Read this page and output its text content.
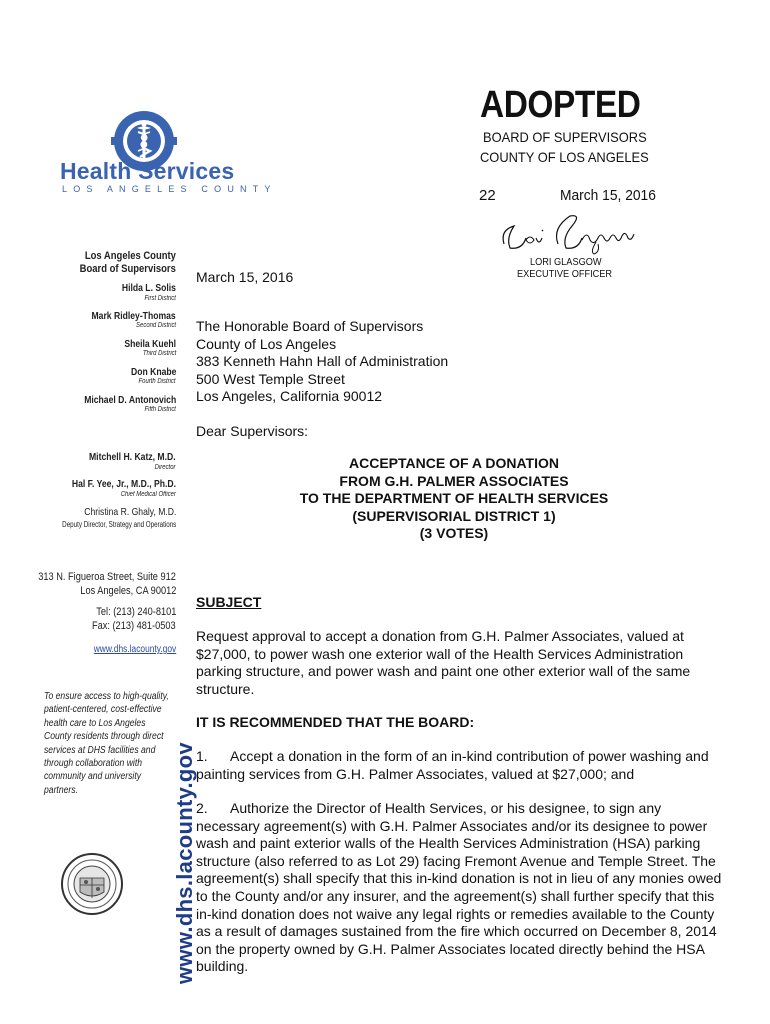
Health Services
LOS ANGELES COUNTY
ADOPTED
BOARD OF SUPERVISORS
COUNTY OF LOS ANGELES
22	March 15, 2016
LORI GLASGOW
EXECUTIVE OFFICER
Los Angeles County
Board of Supervisors
Hilda L. Solis
First District
Mark Ridley-Thomas
Second District
Sheila Kuehl
Third District
Don Knabe
Fourth District
Michael D. Antonovich
Fifth District
Mitchell H. Katz, M.D.
Director
Hal F. Yee, Jr., M.D., Ph.D.
Chief Medical Officer
Christina R. Ghaly, M.D.
Deputy Director, Strategy and Operations
313 N. Figueroa Street, Suite 912
Los Angeles, CA 90012
Tel: (213) 240-8101
Fax: (213) 481-0503
www.dhs.lacounty.gov
To ensure access to high-quality, patient-centered, cost-effective health care to Los Angeles County residents through direct services at DHS facilities and through collaboration with community and university partners.	www.dhs.lacounty.gov
March 15, 2016
The Honorable Board of Supervisors
County of Los Angeles
383 Kenneth Hahn Hall of Administration
500 West Temple Street
Los Angeles, California 90012
Dear Supervisors:
ACCEPTANCE OF A DONATION
FROM G.H. PALMER ASSOCIATES
TO THE DEPARTMENT OF HEALTH SERVICES
(SUPERVISORIAL DISTRICT 1)
(3 VOTES)
SUBJECT
Request approval to accept a donation from G.H. Palmer Associates, valued at $27,000, to power wash one exterior wall of the Health Services Administration parking structure, and power wash and paint one other exterior wall of the same structure.
IT IS RECOMMENDED THAT THE BOARD:
1. Accept a donation in the form of an in-kind contribution of power washing and painting services from G.H. Palmer Associates, valued at $27,000; and
2. Authorize the Director of Health Services, or his designee, to sign any necessary agreement(s) with G.H. Palmer Associates and/or its designee to power wash and paint exterior walls of the Health Services Administration (HSA) parking structure (also referred to as Lot 29) facing Fremont Avenue and Temple Street. The agreement(s) shall specify that this in-kind donation is not in lieu of any monies owed to the County and/or any insurer, and the agreement(s) shall further specify that this in-kind donation does not waive any legal rights or remedies available to the County as a result of damages sustained from the fire which occurred on December 8, 2014 on the property owned by G.H. Palmer Associates located directly behind the HSA building.
